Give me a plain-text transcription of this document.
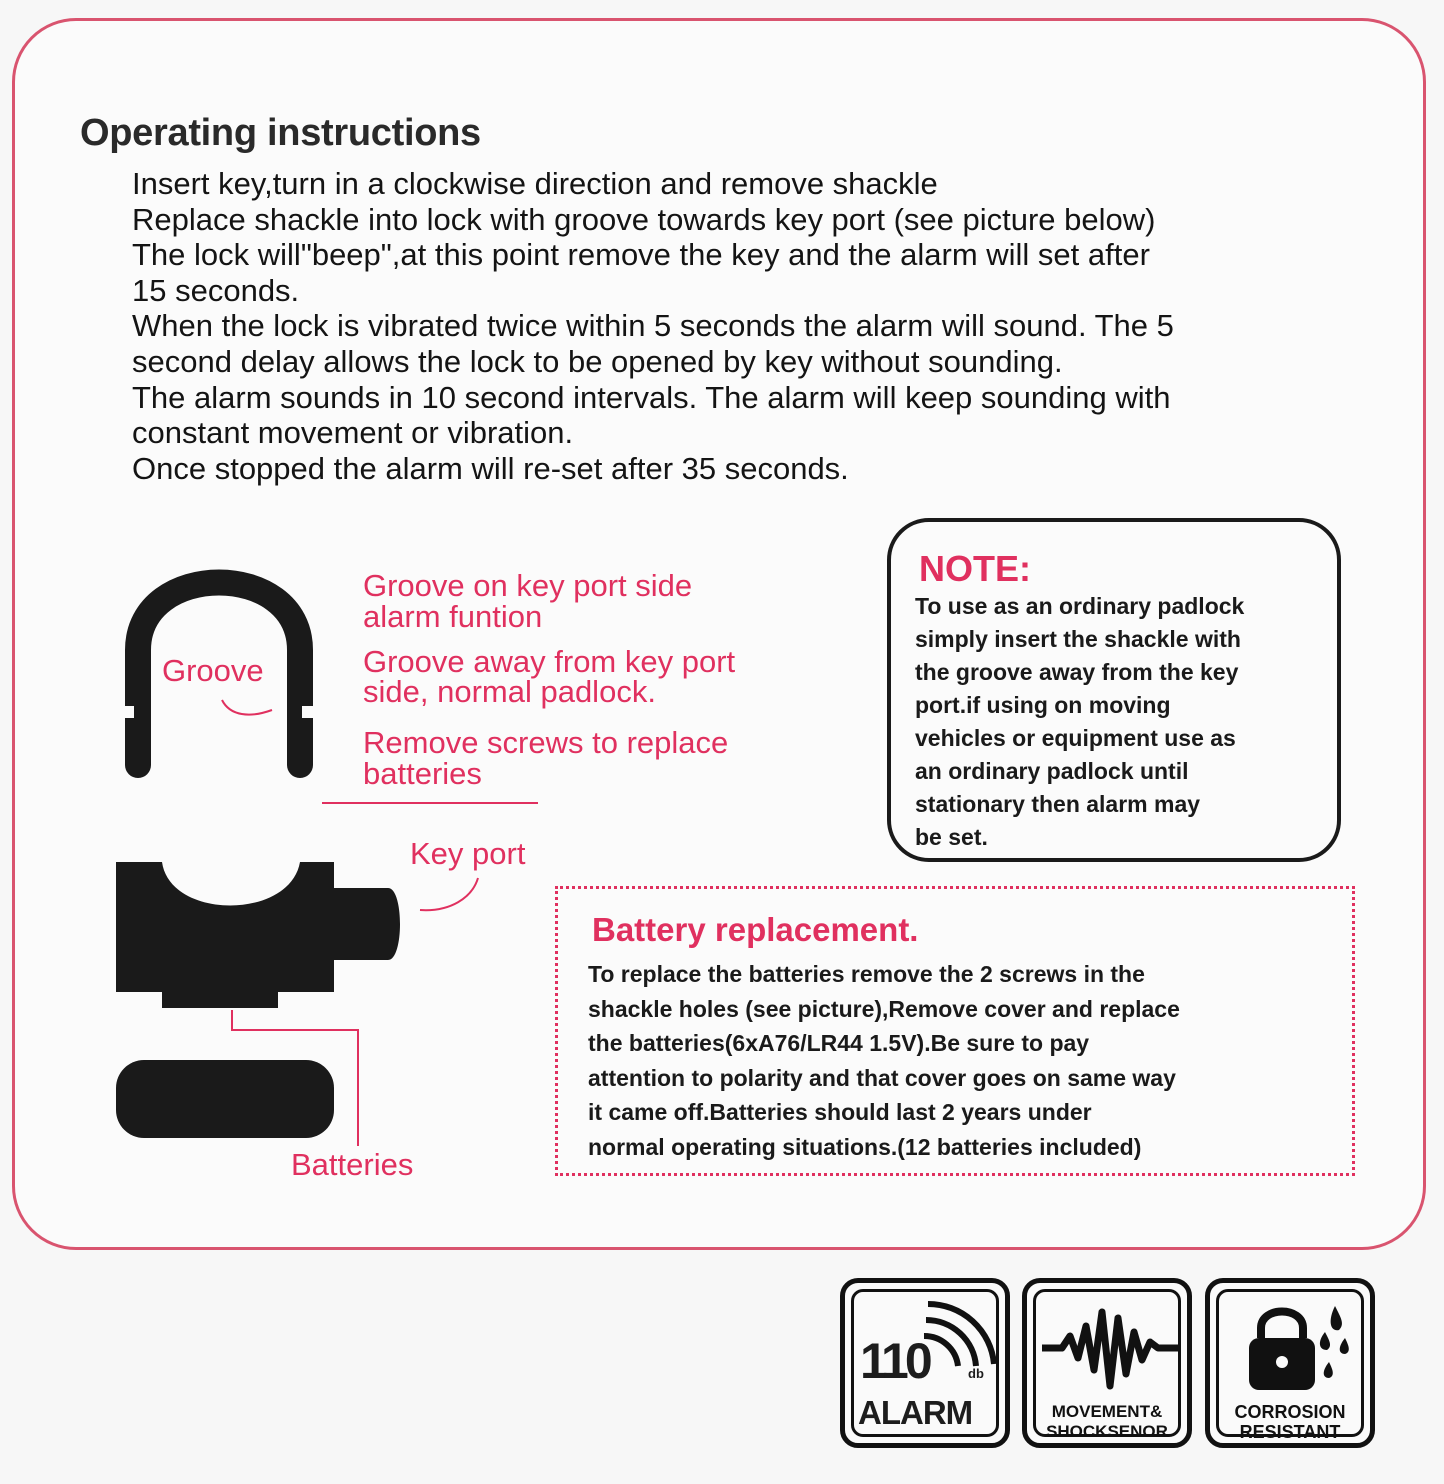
Operating instructions
Insert key,turn in a clockwise direction and remove shackle
Replace shackle into lock with groove towards key port (see picture below)
The lock will"beep",at this point remove the key and the alarm will set after
15 seconds.
When the lock is vibrated twice within 5 seconds the alarm will sound. The 5
second delay allows the lock to be opened by key without sounding.
The alarm sounds in 10 second intervals. The alarm will keep sounding with
constant movement or vibration.
Once stopped the alarm will re-set after 35 seconds.
Groove
Key port
Batteries
Groove on key port side
alarm funtion
Groove away from key port
side, normal padlock.
Remove screws to replace
batteries
NOTE:
To use as an ordinary padlock
simply insert the shackle with
the groove away from the key
port.if using on moving
vehicles or equipment use as
an ordinary padlock until
stationary then alarm may
be set.
Battery replacement.
To replace the batteries remove the 2 screws in the
shackle holes (see picture),Remove cover and replace
the batteries(6xA76/LR44 1.5V).Be sure to pay
attention to polarity and that cover goes on same way
it came off.Batteries should last 2 years under
normal operating situations.(12 batteries included)
110	db
ALARM	MOVEMENT&
SHOCKSENOR
CORROSION
RESISTANT
